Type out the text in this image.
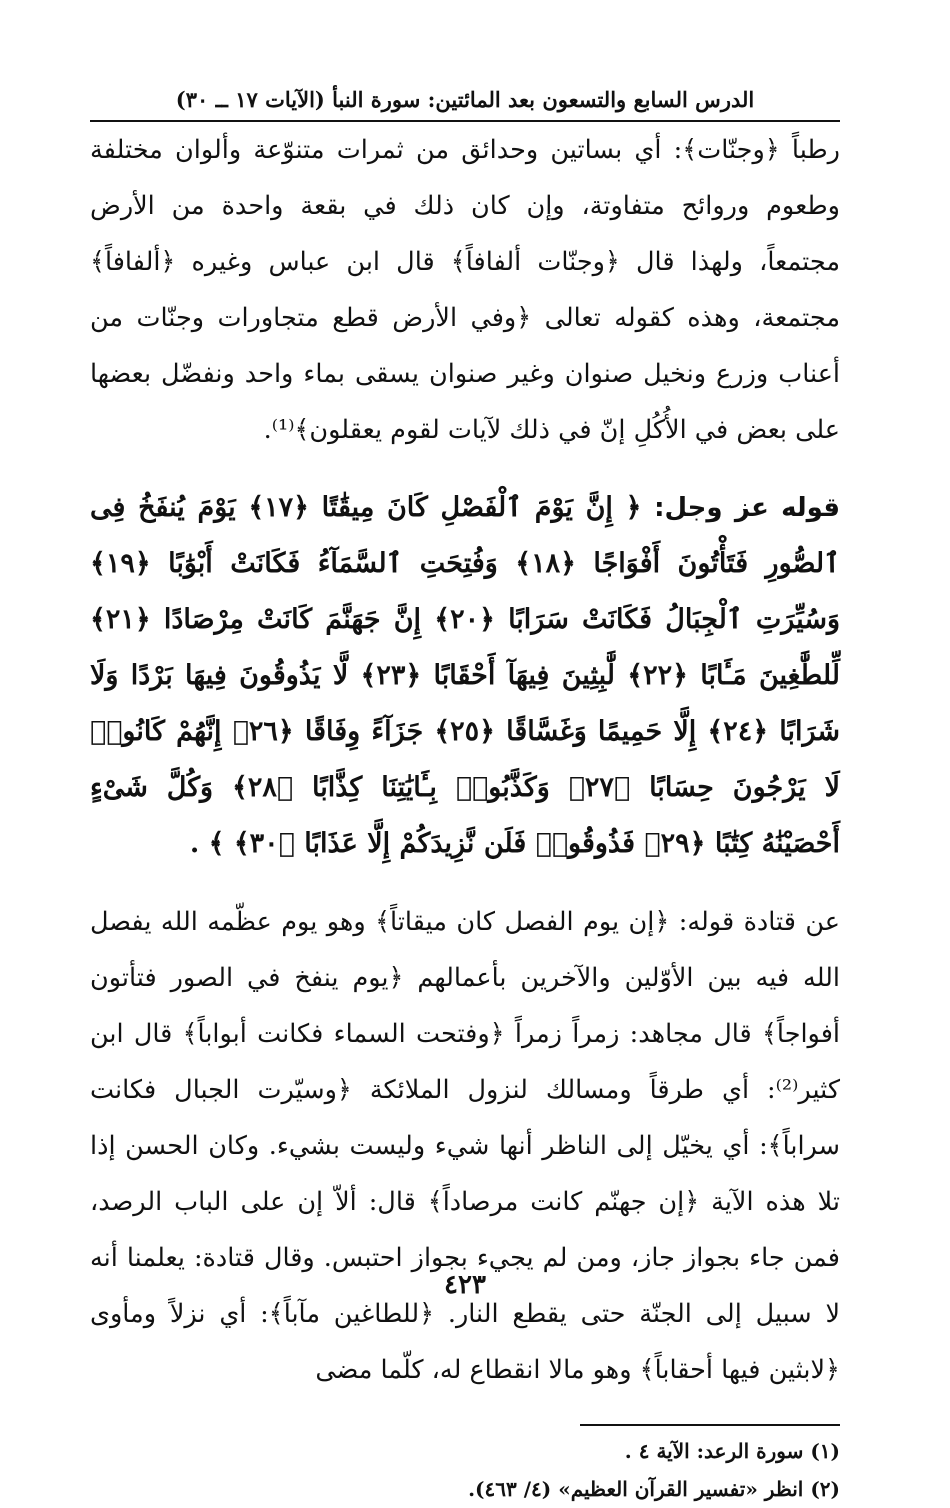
الدرس السابع والتسعون بعد المائتين: سورة النبأ (الآيات ١٧ ــ ٣٠)

رطباً ﴿وجنّات﴾: أي بساتين وحدائق من ثمرات متنوّعة وألوان مختلفة وطعوم وروائح متفاوتة، وإن كان ذلك في بقعة واحدة من الأرض مجتمعاً، ولهذا قال ﴿وجنّات ألفافاً﴾ قال ابن عباس وغيره ﴿ألفافاً﴾ مجتمعة، وهذه كقوله تعالى ﴿وفي الأرض قطع متجاورات وجنّات من أعناب وزرع ونخيل صنوان وغير صنوان يسقى بماء واحد ونفضّل بعضها على بعض في الأُكُلِ إنّ في ذلك لآيات لقوم يعقلون﴾⁽¹⁾.

قوله عز وجل: ﴿ إِنَّ يَوْمَ ٱلْفَصْلِ كَانَ مِيقَٰتًا ﴿١٧﴾ يَوْمَ يُنفَخُ فِى ٱلصُّورِ فَتَأْتُونَ أَفْوَاجًا ﴿١٨﴾ وَفُتِحَتِ ٱلسَّمَآءُ فَكَانَتْ أَبْوَٰبًا ﴿١٩﴾ وَسُيِّرَتِ ٱلْجِبَالُ فَكَانَتْ سَرَابًا ﴿٢٠﴾ إِنَّ جَهَنَّمَ كَانَتْ مِرْصَادًا ﴿٢١﴾ لِّلطَّٰغِينَ مَـَٔابًا ﴿٢٢﴾ لَّٰبِثِينَ فِيهَآ أَحْقَابًا ﴿٢٣﴾ لَّا يَذُوقُونَ فِيهَا بَرْدًا وَلَا شَرَابًا ﴿٢٤﴾ إِلَّا حَمِيمًا وَغَسَّاقًا ﴿٢٥﴾ جَزَآءً وِفَاقًا ﴿٢٦﴾ إِنَّهُمْ كَانُوا۟ لَا يَرْجُونَ حِسَابًا ﴿٢٧﴾ وَكَذَّبُوا۟ بِـَٔايَٰتِنَا كِذَّابًا ﴿٢٨﴾ وَكُلَّ شَىْءٍ أَحْصَيْنَٰهُ كِتَٰبًا ﴿٢٩﴾ فَذُوقُوا۟ فَلَن نَّزِيدَكُمْ إِلَّا عَذَابًا ﴿٣٠﴾ ﴾ .

عن قتادة قوله: ﴿إن يوم الفصل كان ميقاتاً﴾ وهو يوم عظّمه الله يفصل الله فيه بين الأوّلين والآخرين بأعمالهم ﴿يوم ينفخ في الصور فتأتون أفواجاً﴾ قال مجاهد: زمراً زمراً ﴿وفتحت السماء فكانت أبواباً﴾ قال ابن كثير⁽²⁾: أي طرقاً ومسالك لنزول الملائكة ﴿وسيّرت الجبال فكانت سراباً﴾: أي يخيّل إلى الناظر أنها شيء وليست بشيء. وكان الحسن إذا تلا هذه الآية ﴿إن جهنّم كانت مرصاداً﴾ قال: ألاّ إن على الباب الرصد، فمن جاء بجواز جاز، ومن لم يجيء بجواز احتبس. وقال قتادة: يعلمنا أنه لا سبيل إلى الجنّة حتى يقطع النار. ﴿للطاغين مآباً﴾: أي نزلاً ومأوى ﴿لابثين فيها أحقاباً﴾ وهو مالا انقطاع له، كلّما مضى

(١) سورة الرعد: الآية ٤ .
(٢) انظر «تفسير القرآن العظيم» (٤/ ٤٦٣).
٤٢٣
